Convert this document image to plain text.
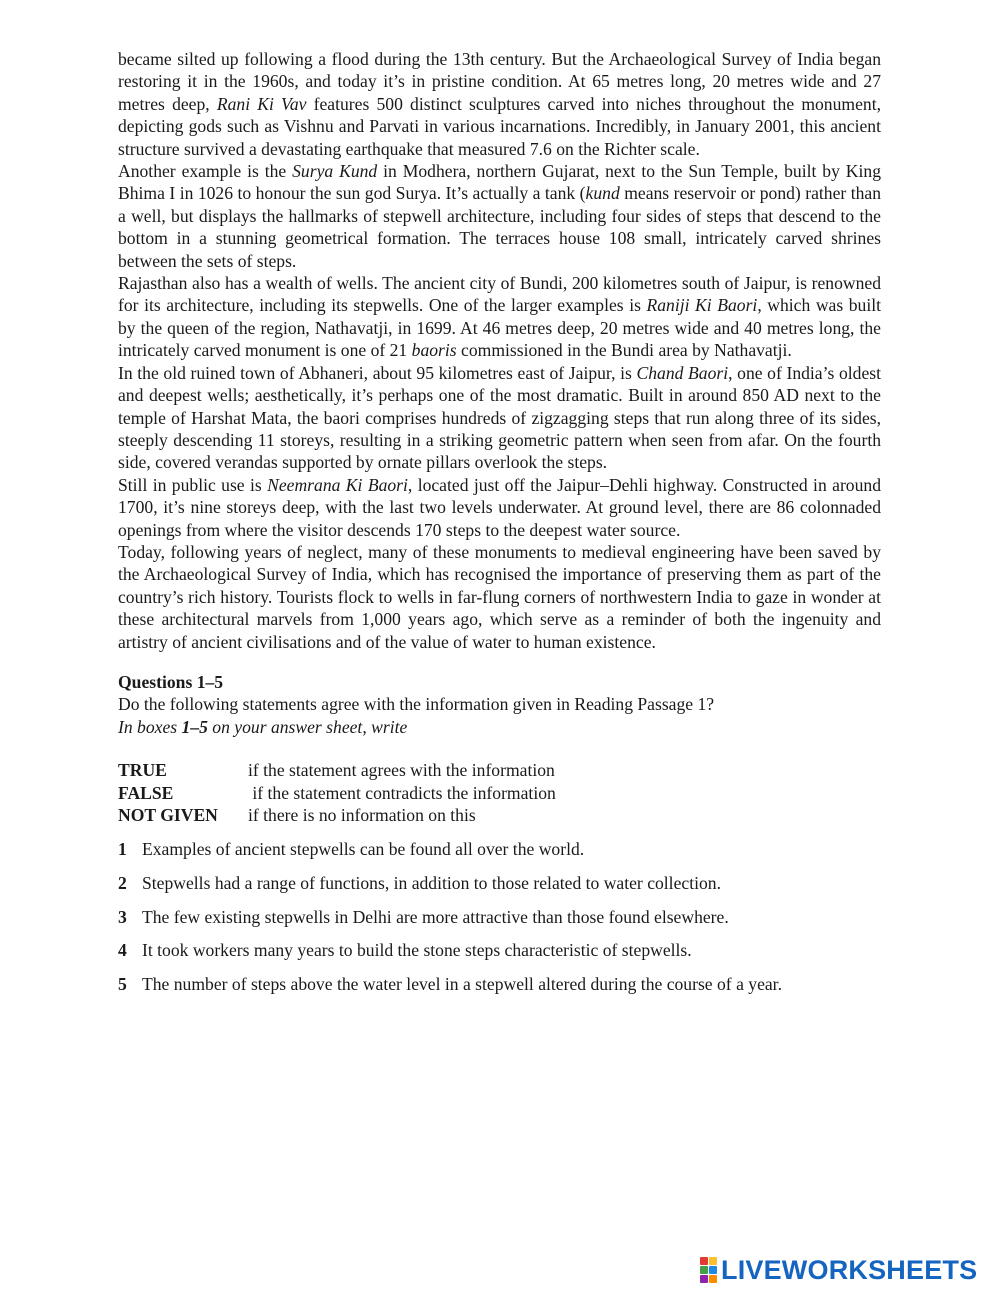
became silted up following a flood during the 13th century. But the Archaeological Survey of India began restoring it in the 1960s, and today it’s in pristine condition. At 65 metres long, 20 metres wide and 27 metres deep, Rani Ki Vav features 500 distinct sculptures carved into niches throughout the monument, depicting gods such as Vishnu and Parvati in various incarnations. Incredibly, in January 2001, this ancient structure survived a devastating earthquake that measured 7.6 on the Richter scale.

Another example is the Surya Kund in Modhera, northern Gujarat, next to the Sun Temple, built by King Bhima I in 1026 to honour the sun god Surya. It’s actually a tank (kund means reservoir or pond) rather than a well, but displays the hallmarks of stepwell architecture, including four sides of steps that descend to the bottom in a stunning geometrical formation. The terraces house 108 small, intricately carved shrines between the sets of steps.

Rajasthan also has a wealth of wells. The ancient city of Bundi, 200 kilometres south of Jaipur, is renowned for its architecture, including its stepwells. One of the larger examples is Raniji Ki Baori, which was built by the queen of the region, Nathavatji, in 1699. At 46 metres deep, 20 metres wide and 40 metres long, the intricately carved monument is one of 21 baoris commissioned in the Bundi area by Nathavatji.

In the old ruined town of Abhaneri, about 95 kilometres east of Jaipur, is Chand Baori, one of India’s oldest and deepest wells; aesthetically, it’s perhaps one of the most dramatic. Built in around 850 AD next to the temple of Harshat Mata, the baori comprises hundreds of zigzagging steps that run along three of its sides, steeply descending 11 storeys, resulting in a striking geometric pattern when seen from afar. On the fourth side, covered verandas supported by ornate pillars overlook the steps.

Still in public use is Neemrana Ki Baori, located just off the Jaipur–Dehli highway. Constructed in around 1700, it’s nine storeys deep, with the last two levels underwater. At ground level, there are 86 colonnaded openings from where the visitor descends 170 steps to the deepest water source.

Today, following years of neglect, many of these monuments to medieval engineering have been saved by the Archaeological Survey of India, which has recognised the importance of preserving them as part of the country’s rich history. Tourists flock to wells in far-flung corners of northwestern India to gaze in wonder at these architectural marvels from 1,000 years ago, which serve as a reminder of both the ingenuity and artistry of ancient civilisations and of the value of water to human existence.

Questions 1–5
Do the following statements agree with the information given in Reading Passage 1?
In boxes 1–5 on your answer sheet, write
TRUE	if the statement agrees with the information
FALSE	if the statement contradicts the information
NOT GIVEN	if there is no information on this
1 Examples of ancient stepwells can be found all over the world.
2 Stepwells had a range of functions, in addition to those related to water collection.
3 The few existing stepwells in Delhi are more attractive than those found elsewhere.
4 It took workers many years to build the stone steps characteristic of stepwells.
5 The number of steps above the water level in a stepwell altered during the course of a year.
LIVEWORKSHEETS
